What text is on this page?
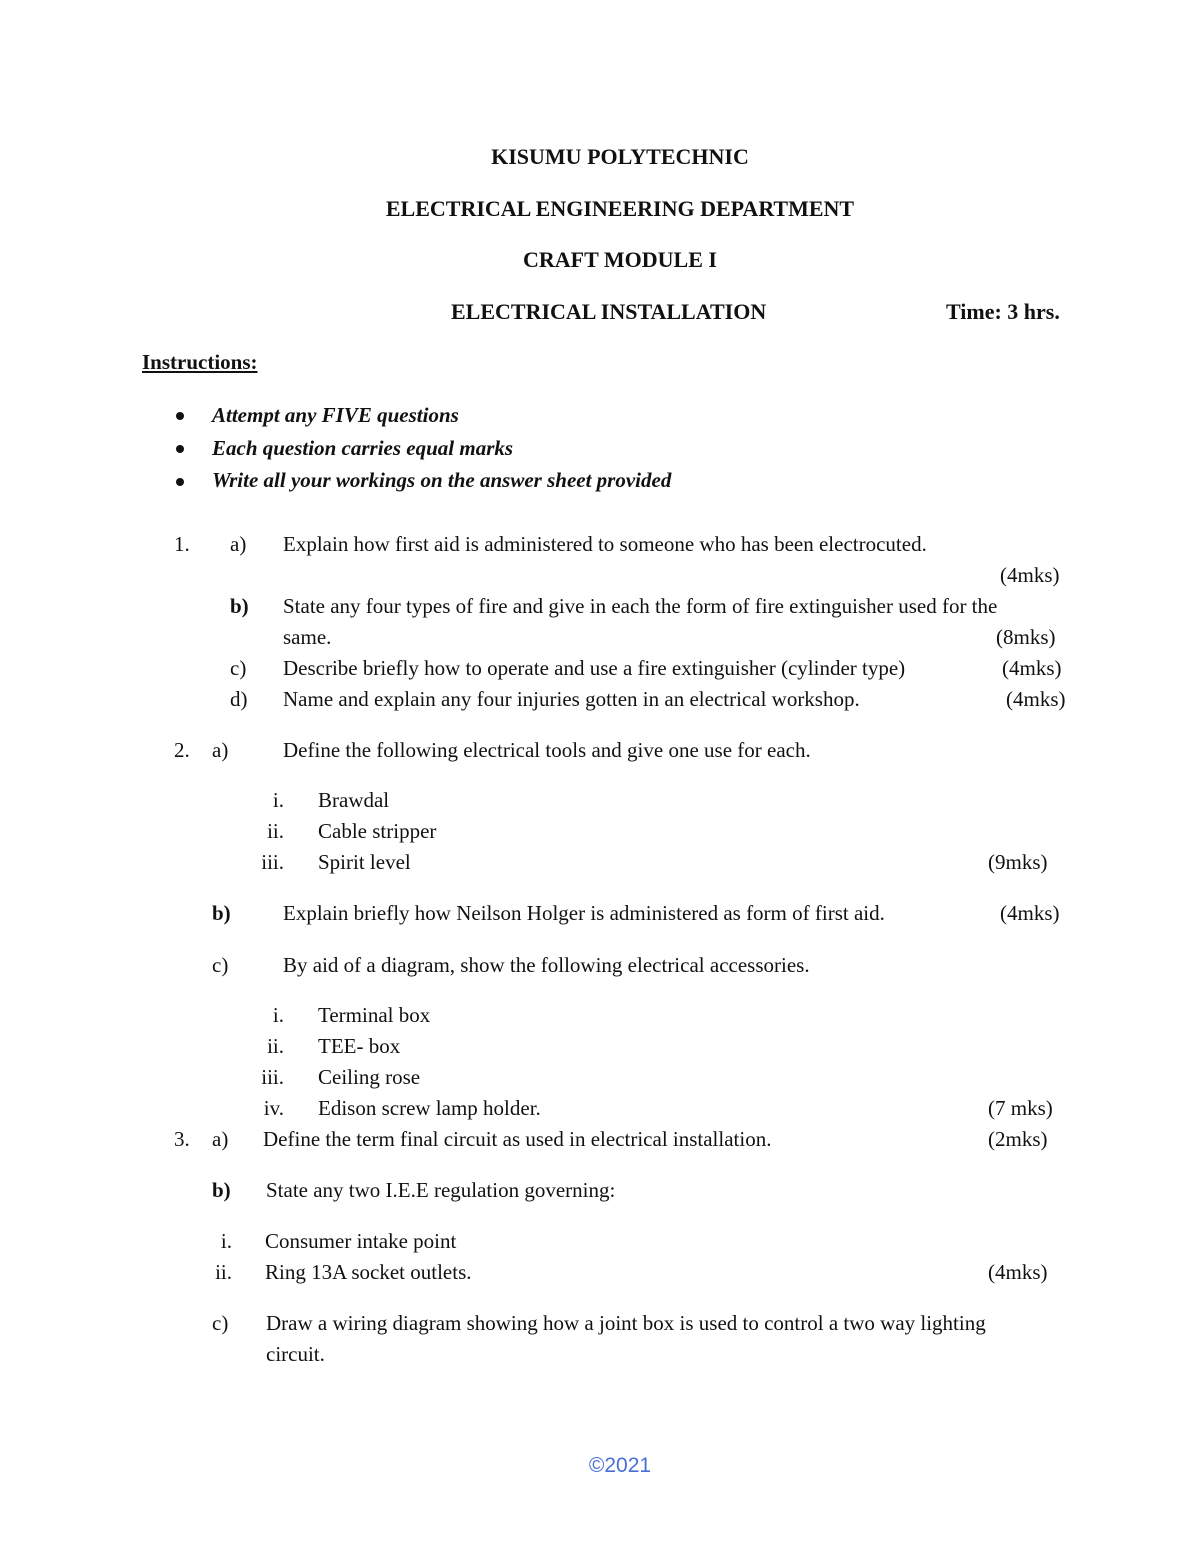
KISUMU POLYTECHNIC
ELECTRICAL ENGINEERING DEPARTMENT
CRAFT MODULE I
ELECTRICAL INSTALLATION	Time: 3 hrs.
Instructions:
Attempt any FIVE questions
Each question carries equal marks
Write all your workings on the answer sheet provided
1. a) Explain how first aid is administered to someone who has been electrocuted.
(4mks)
b) State any four types of fire and give in each the form of fire extinguisher used for the
same.	(8mks)
c) Describe briefly how to operate and use a fire extinguisher (cylinder type)	(4mks)
d) Name and explain any four injuries gotten in an electrical workshop.	(4mks)
2. a)	Define the following electrical tools and give one use for each.
i. Brawdal
ii. Cable stripper
iii. Spirit level	(9mks)
b) Explain briefly how Neilson Holger is administered as form of first aid.	(4mks)
c)	By aid of a diagram, show the following electrical accessories.
i. Terminal box
ii. TEE- box
iii. Ceiling rose
iv. Edison screw lamp holder.	(7 mks)
3. a) Define the term final circuit as used in electrical installation.	(2mks)
b) State any two I.E.E regulation governing:
i. Consumer intake point
ii. Ring 13A socket outlets.	(4mks)
c) Draw a wiring diagram showing how a joint box is used to control a two way lighting
circuit.
©2021
